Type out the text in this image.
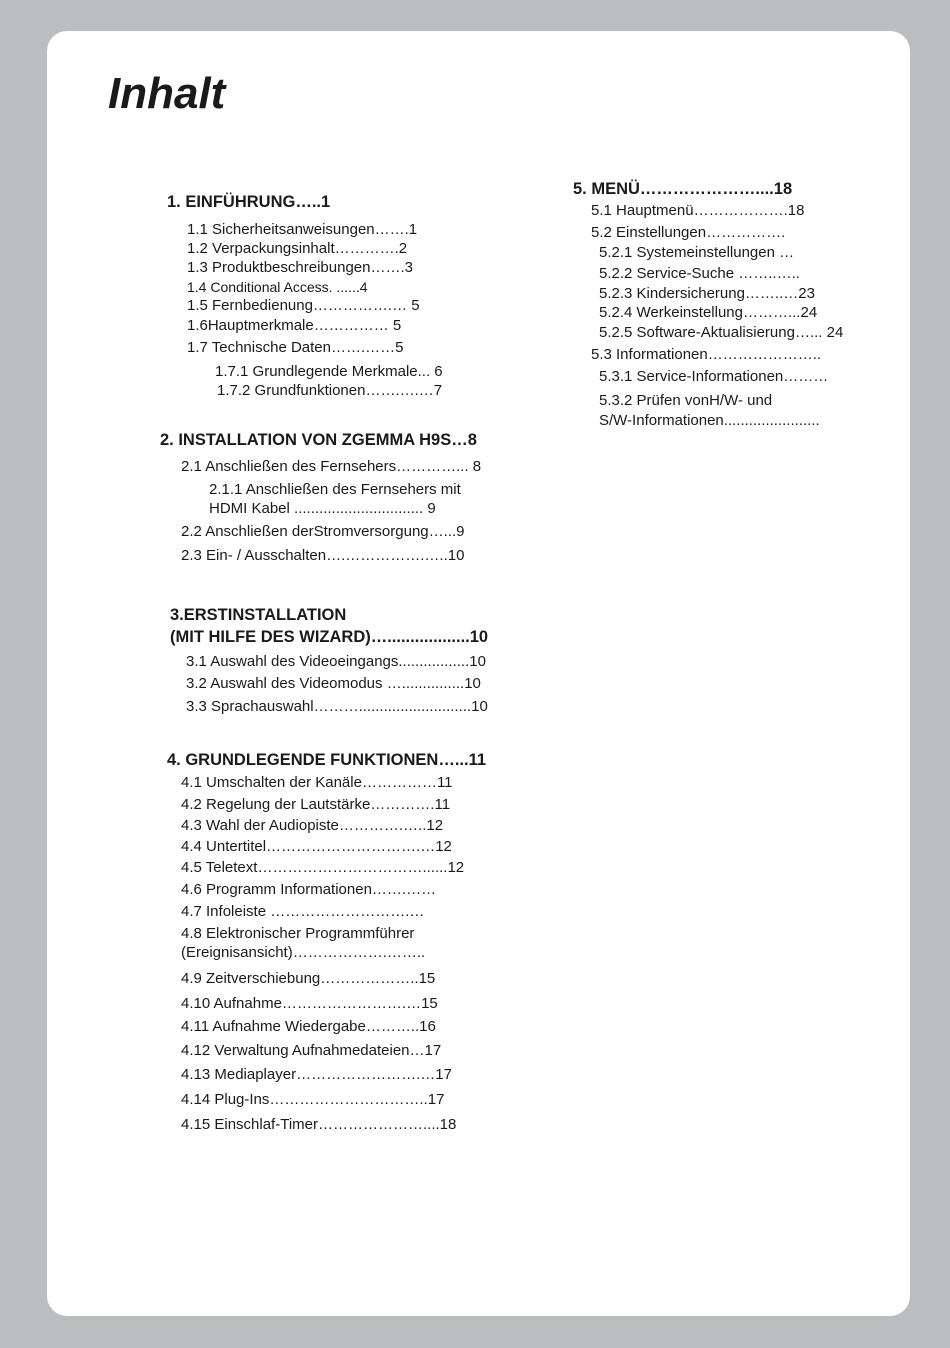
Inhalt
1. EINFÜHRUNG…..1
1.1 Sicherheitsanweisungen…….1
1.2 Verpackungsinhalt………….2
1.3 Produktbeschreibungen…….3
1.4 Conditional Access. ......4
1.5 Fernbedienung…………….… 5
1.6Hauptmerkmale…………… 5
1.7 Technische Daten…….……5
1.7.1 Grundlegende Merkmale... 6
1.7.2 Grundfunktionen…….….…7
2. INSTALLATION VON ZGEMMA H9S…8
2.1 Anschließen des Fernsehers…………... 8
2.1.1 Anschließen des Fernsehers mit
HDMI Kabel ............................... 9
2.2 Anschließen derStromversorgung…...9
2.3 Ein- / Ausschalten….…………….…..10
3.ERSTINSTALLATION
(MIT HILFE DES WIZARD)…..................10
3.1 Auswahl des Videoeingangs.................10
3.2 Auswahl des Videomodus …...............10
3.3 Sprachauswahl………...........................10
4. GRUNDLEGENDE FUNKTIONEN…...11
4.1 Umschalten der Kanäle……………11
4.2 Regelung der Lautstärke………….11
4.3 Wahl der Audiopiste………….…..12
4.4 Untertitel………………………….…12
4.5 Teletext……………………………......12
4.6 Programm Informationen…….……
4.7 Infoleiste ……………………….…
4.8 Elektronischer Programmführer
(Ereignisansicht)……………….……..
4.9 Zeitverschiebung………………..15
4.10 Aufnahme…………………….…15
4.11 Aufnahme Wiedergabe………..16
4.12 Verwaltung Aufnahmedateien…17
4.13 Mediaplayer…………………….…17
4.14 Plug-Ins…………………………..17
4.15 Einschlaf-Timer…………………....18
5. MENÜ…………………....18
5.1 Hauptmenü……………….18
5.2 Einstellungen…………….
5.2.1 Systemeinstellungen …
5.2.2 Service-Suche ……..…..
5.2.3 Kindersicherung……..…23
5.2.4 Werkeinstellung………...24
5.2.5 Software-Aktualisierung…... 24
5.3 Informationen…………………..
5.3.1 Service-Informationen………
5.3.2 Prüfen vonH/W- und
S/W-Informationen.......................
